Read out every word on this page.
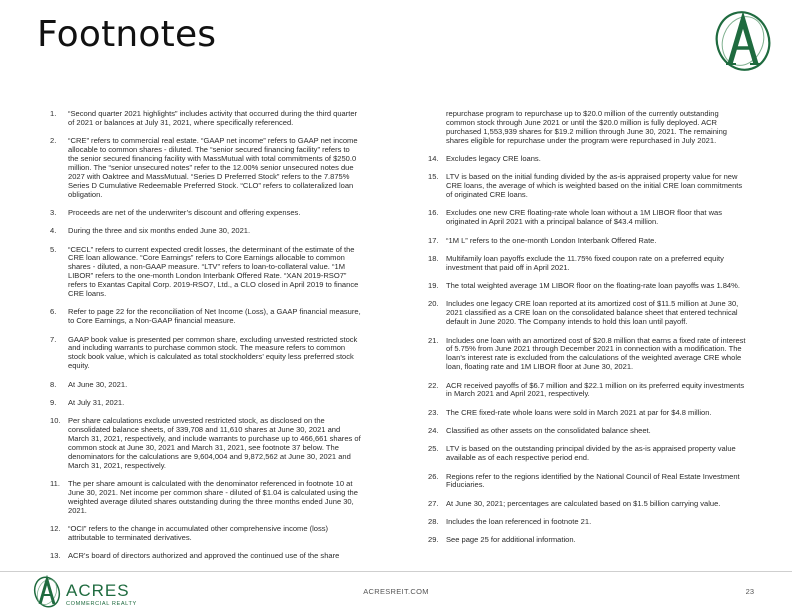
Footnotes
1. “Second quarter 2021 highlights” includes activity that occurred during the third quarter of 2021 or balances at July 31, 2021, where specifically referenced.
2. “CRE” refers to commercial real estate. “GAAP net income” refers to GAAP net income allocable to common shares - diluted. The “senior secured financing facility” refers to the senior secured financing facility with MassMutual with total commitments of $250.0 million. The “senior unsecured notes” refer to the 12.00% senior unsecured notes due 2027 with Oaktree and MassMutual. “Series D Preferred Stock” refers to the 7.875% Series D Cumulative Redeemable Preferred Stock. “CLO” refers to collateralized loan obligation.
3. Proceeds are net of the underwriter’s discount and offering expenses.
4. During the three and six months ended June 30, 2021.
5. “CECL” refers to current expected credit losses, the determinant of the estimate of the CRE loan allowance. “Core Earnings” refers to Core Earnings allocable to common shares - diluted, a non-GAAP measure. “LTV” refers to loan-to-collateral value. “1M LIBOR” refers to the one-month London Interbank Offered Rate. “XAN 2019-RSO7” refers to Exantas Capital Corp. 2019-RSO7, Ltd., a CLO closed in April 2019 to finance CRE loans.
6. Refer to page 22 for the reconciliation of Net Income (Loss), a GAAP financial measure, to Core Earnings, a Non-GAAP financial measure.
7. GAAP book value is presented per common share, excluding unvested restricted stock and including warrants to purchase common stock. The measure refers to common stock book value, which is calculated as total stockholders’ equity less preferred stock equity.
8. At June 30, 2021.
9. At July 31, 2021.
10. Per share calculations exclude unvested restricted stock, as disclosed on the consolidated balance sheets, of 339,708 and 11,610 shares at June 30, 2021 and March 31, 2021, respectively, and include warrants to purchase up to 466,661 shares of common stock at June 30, 2021 and March 31, 2021, see footnote 37 below. The denominators for the calculations are 9,604,004 and 9,872,562 at June 30, 2021 and March 31, 2021, respectively.
11. The per share amount is calculated with the denominator referenced in footnote 10 at June 30, 2021. Net income per common share - diluted of $1.04 is calculated using the weighted average diluted shares outstanding during the three months ended June 30, 2021.
12. “OCI” refers to the change in accumulated other comprehensive income (loss) attributable to terminated derivatives.
13. ACR’s board of directors authorized and approved the continued use of the share
repurchase program to repurchase up to $20.0 million of the currently outstanding common stock through June 2021 or until the $20.0 million is fully deployed. ACR purchased 1,553,939 shares for $19.2 million through June 30, 2021. The remaining shares eligible for repurchase under the program were repurchased in July 2021.
14. Excludes legacy CRE loans.
15. LTV is based on the initial funding divided by the as-is appraised property value for new CRE loans, the average of which is weighted based on the initial CRE loan commitments of originated CRE loans.
16. Excludes one new CRE floating-rate whole loan without a 1M LIBOR floor that was originated in April 2021 with a principal balance of $43.4 million.
17. “1M L” refers to the one-month London Interbank Offered Rate.
18. Multifamily loan payoffs exclude the 11.75% fixed coupon rate on a preferred equity investment that paid off in April 2021.
19. The total weighted average 1M LIBOR floor on the floating-rate loan payoffs was 1.84%.
20. Includes one legacy CRE loan reported at its amortized cost of $11.5 million at June 30, 2021 classified as a CRE loan on the consolidated balance sheet that entered technical default in June 2020. The Company intends to hold this loan until payoff.
21. Includes one loan with an amortized cost of $20.8 million that earns a fixed rate of interest of 5.75% from June 2021 through December 2021 in connection with a modification. The loan’s interest rate is excluded from the calculations of the weighted average CRE whole loan, floating rate and 1M LIBOR floor at June 30, 2021.
22. ACR received payoffs of $6.7 million and $22.1 million on its preferred equity investments in March 2021 and April 2021, respectively.
23. The CRE fixed-rate whole loans were sold in March 2021 at par for $4.8 million.
24. Classified as other assets on the consolidated balance sheet.
25. LTV is based on the outstanding principal divided by the as-is appraised property value available as of each respective period end.
26. Regions refer to the regions identified by the National Council of Real Estate Investment Fiduciaries.
27. At June 30, 2021; percentages are calculated based on $1.5 billion carrying value.
28. Includes the loan referenced in footnote 21.
29. See page 25 for additional information.
ACRES
COMMERCIAL REALTY
ACRESREIT.COM	23
